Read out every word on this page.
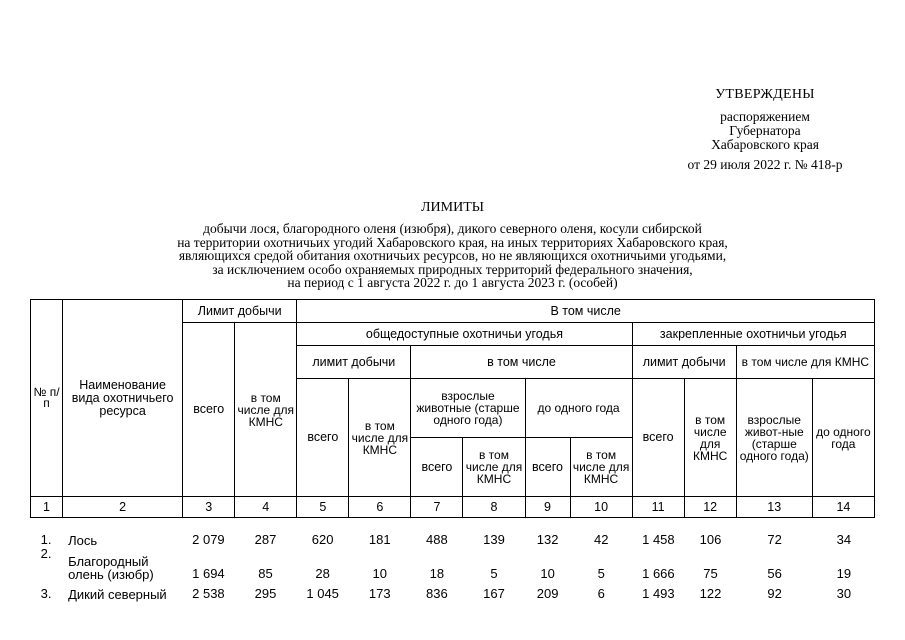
УТВЕРЖДЕНЫ
распоряжением
Губернатора
Хабаровского края
от 29 июля 2022 г. № 418-р
ЛИМИТЫ
добычи лося, благородного оленя (изюбря), дикого северного оленя, косули сибирской
на территории охотничьих угодий Хабаровского края, на иных территориях Хабаровского края,
являющихся средой обитания охотничьих ресурсов, но не являющихся охотничьими угодьями,
за исключением особо охраняемых природных территорий федерального значения,
на период с 1 августа 2022 г. до 1 августа 2023 г. (особей)
№ п/п	Наименование вида охотничьего ресурса	Лимит добычи		В том числе									
		всего	в том числе для КМНС	общедоступные охотничьи угодья						закрепленные охотничьи угодья			
				лимит добычи		в том числе				лимит добычи		в том числе для КМНС	
				всего	в том числе для КМНС	взрослые животные (старше одного года)		до одного года		всего	в том числе для КМНС	взрослые живот-ные (старше одного года)	до одного года
						всего	в том числе для КМНС	всего	в том числе для КМНС				
1	2	3	4	5	6	7	8	9	10	11	12	13	14
1.	Лось	2 079	287	620	181	488	139	132	42	1 458	106	72	34
2.	Благородный
олень (изюбр)	1 694	85	28	10	18	5	10	5	1 666	75	56	19
3.	Дикий северный	2 538	295	1 045	173	836	167	209	6	1 493	122	92	30
